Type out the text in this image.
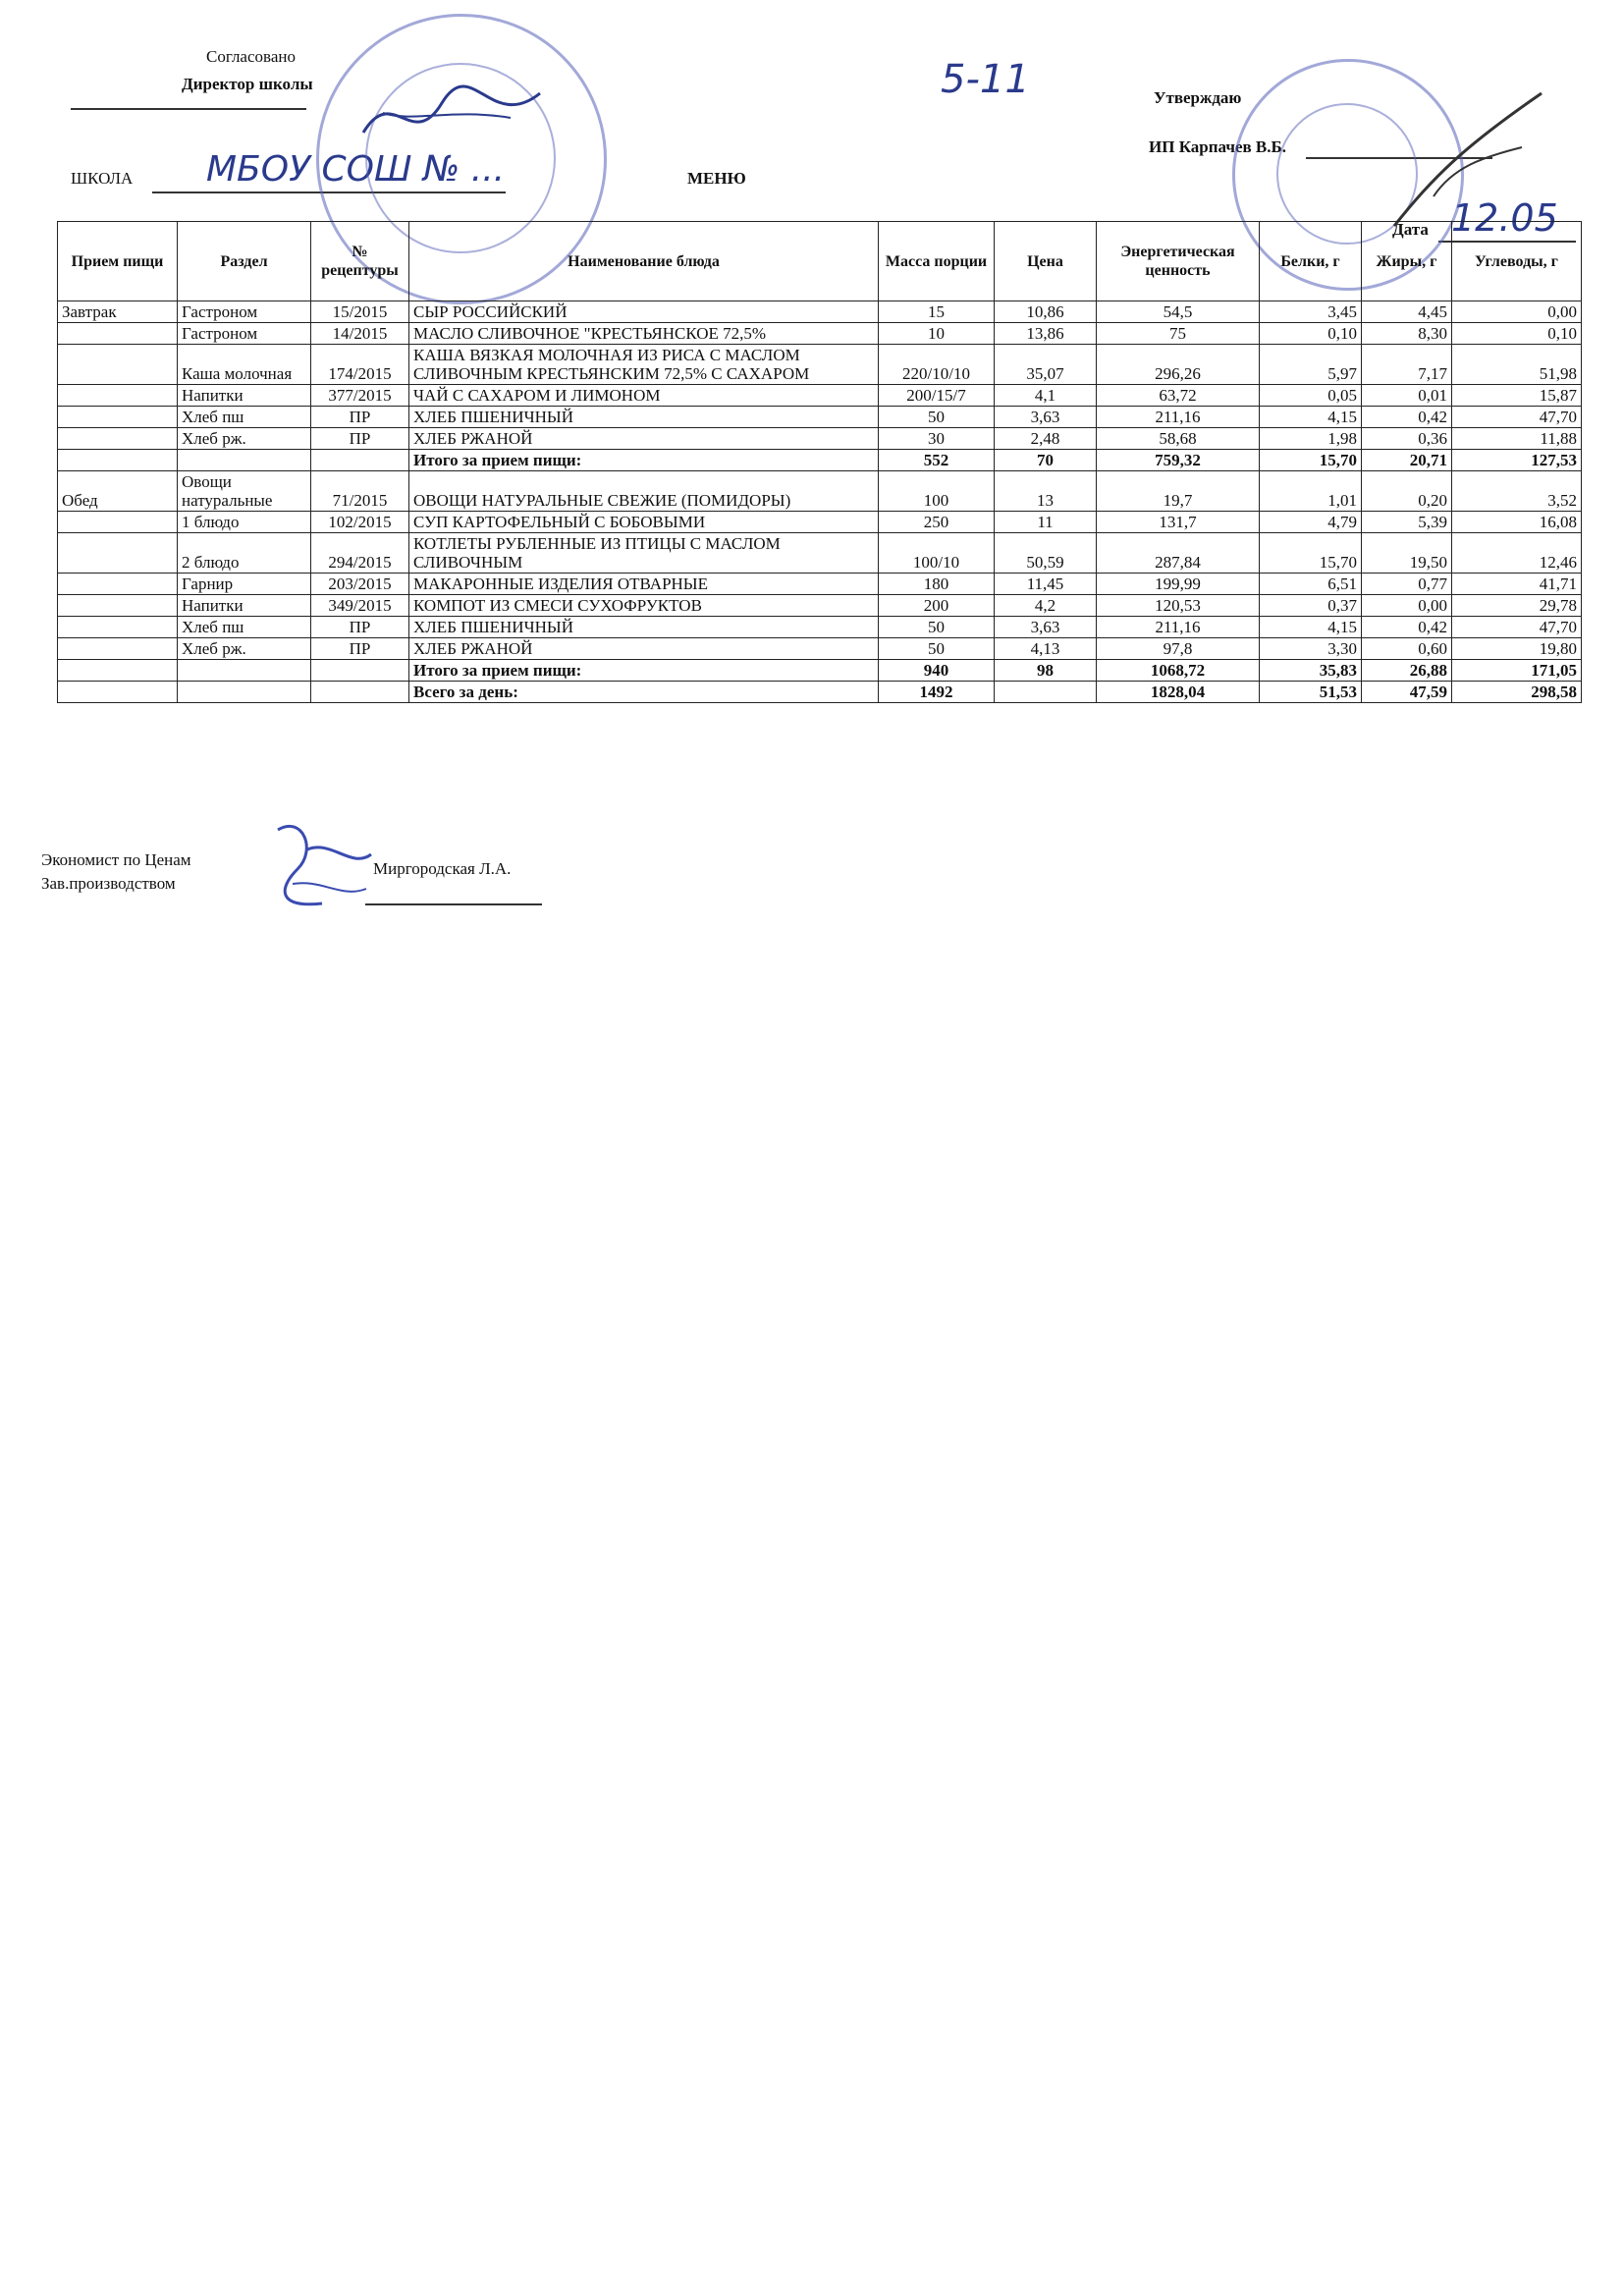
Согласовано
Директор школы	5-11	Утверждаю
ИП Карпачев В.Б.
ШКОЛА МБОУ СОШ № ...	МЕНЮ
Дата 12.05
Прием пищи	Раздел	№ рецептуры	Наименование блюда	Масса порции	Цена	Энергетическая ценность	Белки, г	Жиры, г	Углеводы, г
Завтрак	Гастроном	15/2015	СЫР РОССИЙСКИЙ	15	10,86	54,5	3,45	4,45	0,00
	Гастроном	14/2015	МАСЛО СЛИВОЧНОЕ "КРЕСТЬЯНСКОЕ 72,5%	10	13,86	75	0,10	8,30	0,10
	Каша молочная	174/2015	КАША ВЯЗКАЯ МОЛОЧНАЯ ИЗ РИСА С МАСЛОМ СЛИВОЧНЫМ КРЕСТЬЯНСКИМ 72,5% С САХАРОМ	220/10/10	35,07	296,26	5,97	7,17	51,98
	Напитки	377/2015	ЧАЙ С САХАРОМ И ЛИМОНОМ	200/15/7	4,1	63,72	0,05	0,01	15,87
	Хлеб пш	ПР	ХЛЕБ ПШЕНИЧНЫЙ	50	3,63	211,16	4,15	0,42	47,70
	Хлеб рж.	ПР	ХЛЕБ РЖАНОЙ	30	2,48	58,68	1,98	0,36	11,88
			Итого за прием пищи:	552	70	759,32	15,70	20,71	127,53
Обед	Овощи натуральные	71/2015	ОВОЩИ НАТУРАЛЬНЫЕ СВЕЖИЕ (ПОМИДОРЫ)	100	13	19,7	1,01	0,20	3,52
	1 блюдо	102/2015	СУП КАРТОФЕЛЬНЫЙ С БОБОВЫМИ	250	11	131,7	4,79	5,39	16,08
	2 блюдо	294/2015	КОТЛЕТЫ РУБЛЕННЫЕ ИЗ ПТИЦЫ С МАСЛОМ СЛИВОЧНЫМ	100/10	50,59	287,84	15,70	19,50	12,46
	Гарнир	203/2015	МАКАРОННЫЕ ИЗДЕЛИЯ ОТВАРНЫЕ	180	11,45	199,99	6,51	0,77	41,71
	Напитки	349/2015	КОМПОТ ИЗ СМЕСИ СУХОФРУКТОВ	200	4,2	120,53	0,37	0,00	29,78
	Хлеб пш	ПР	ХЛЕБ ПШЕНИЧНЫЙ	50	3,63	211,16	4,15	0,42	47,70
	Хлеб рж.	ПР	ХЛЕБ РЖАНОЙ	50	4,13	97,8	3,30	0,60	19,80
			Итого за прием пищи:	940	98	1068,72	35,83	26,88	171,05
			Всего за день:	1492		1828,04	51,53	47,59	298,58
Экономист по Ценам
Зав.производством
Миргородская Л.А.
